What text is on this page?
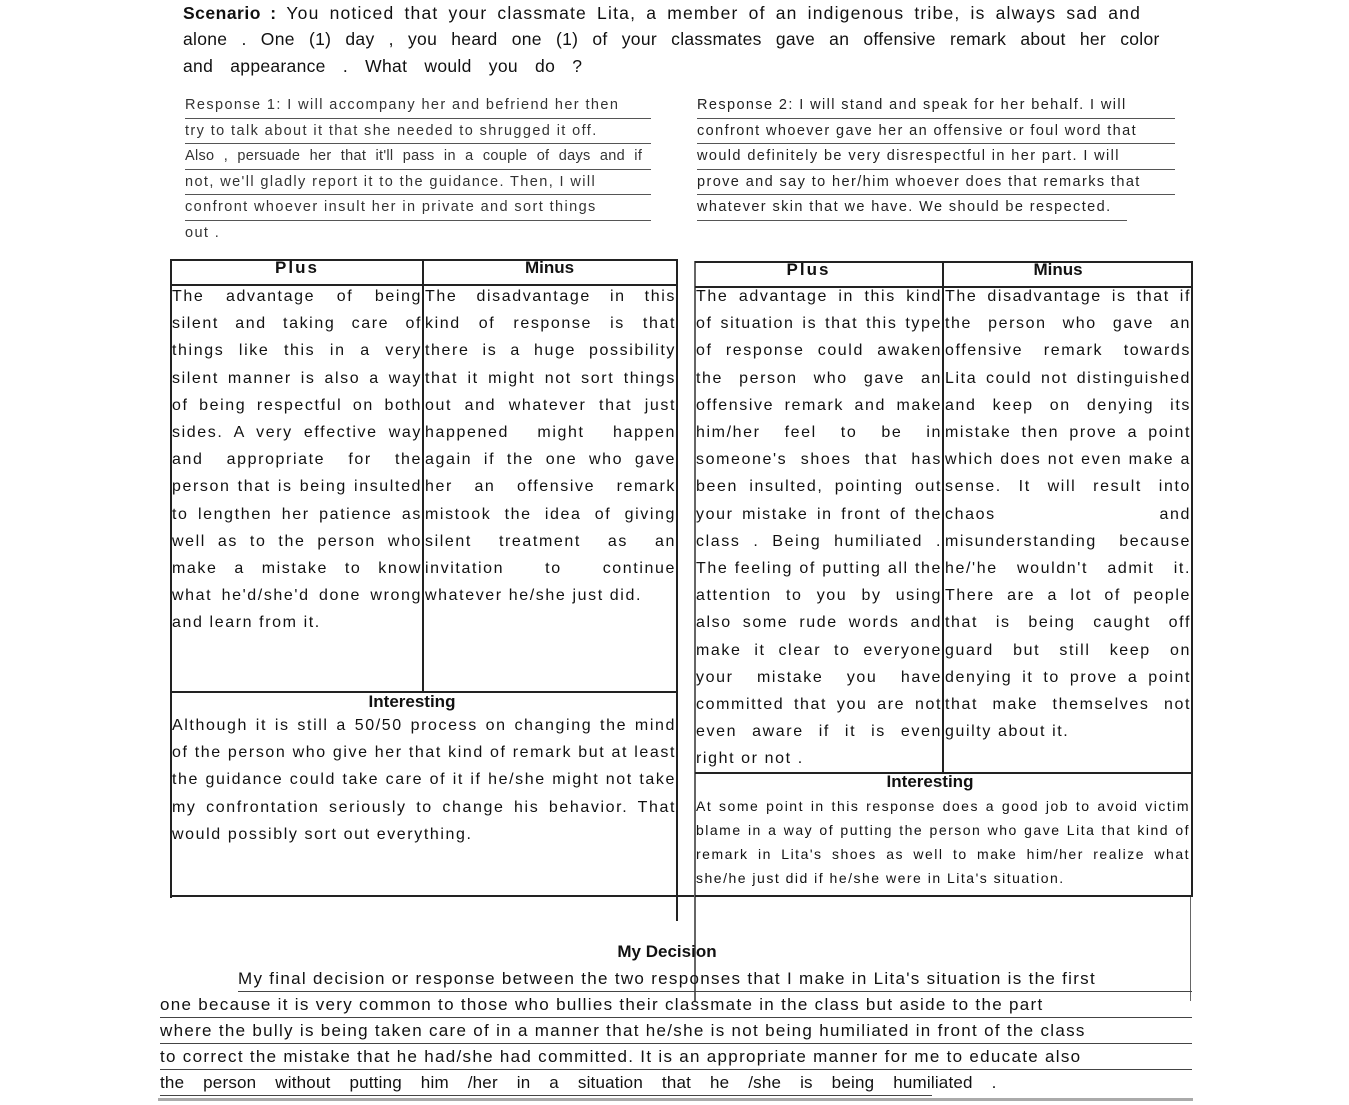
Scenario : You noticed that your classmate Lita, a member of an indigenous tribe, is always sad and
alone . One (1) day , you heard one (1) of your classmates gave an offensive remark about her color
and appearance . What would you do ?
Response 1: I will accompany her and befriend her then
try to talk about it that she needed to shrugged it off.
Also , persuade her that it'll pass in a couple of days and if
not, we'll gladly report it to the guidance. Then, I will
confront whoever insult her in private and sort things
out .
Response 2: I will stand and speak for her behalf. I will
confront whoever gave her an offensive or foul word that
would definitely be very disrespectful in her part. I will
prove and say to her/him whoever does that remarks that
whatever skin that we have. We should be respected.
Plus	Minus
The advantage of being silent and taking care of things like this in a very silent manner is also a way of being respectful on both sides. A very effective way and appropriate for the person that is being insulted to lengthen her patience as well as to the person who make a mistake to know what he'd/she'd done wrong and learn from it.
The disadvantage in this kind of response is that there is a huge possibility that it might not sort things out and whatever that just happened might happen again if the one who gave her an offensive remark mistook the idea of giving silent treatment as an invitation to continue whatever he/she just did.
Interesting
Although it is still a 50/50 process on changing the mind of the person who give her that kind of remark but at least the guidance could take care of it if he/she might not take my confrontation seriously to change his behavior. That would possibly sort out everything.
Plus	Minus
The advantage in this kind of situation is that this type of response could awaken the person who gave an offensive remark and make him/her feel to be in someone's shoes that has been insulted, pointing out your mistake in front of the class . Being humiliated . The feeling of putting all the attention to you by using also some rude words and make it clear to everyone your mistake you have committed that you are not even aware if it is even right or not .
The disadvantage is that if the person who gave an offensive remark towards Lita could not distinguished and keep on denying its mistake then prove a point which does not even make a sense. It will result into chaos and misunderstanding because he/'he wouldn't admit it. There are a lot of people that is being caught off guard but still keep on denying it to prove a point that make themselves not guilty about it.
Interesting
At some point in this response does a good job to avoid victim blame in a way of putting the person who gave Lita that kind of remark in Lita's shoes as well to make him/her realize what she/he just did if he/she were in Lita's situation.
My Decision
My final decision or response between the two responses that I make in Lita's situation is the first
one because it is very common to those who bullies their classmate in the class but aside to the part
where the bully is being taken care of in a manner that he/she is not being humiliated in front of the class
to correct the mistake that he had/she had committed. It is an appropriate manner for me to educate also
the person without putting him /her in a situation that he /she is being humiliated .
